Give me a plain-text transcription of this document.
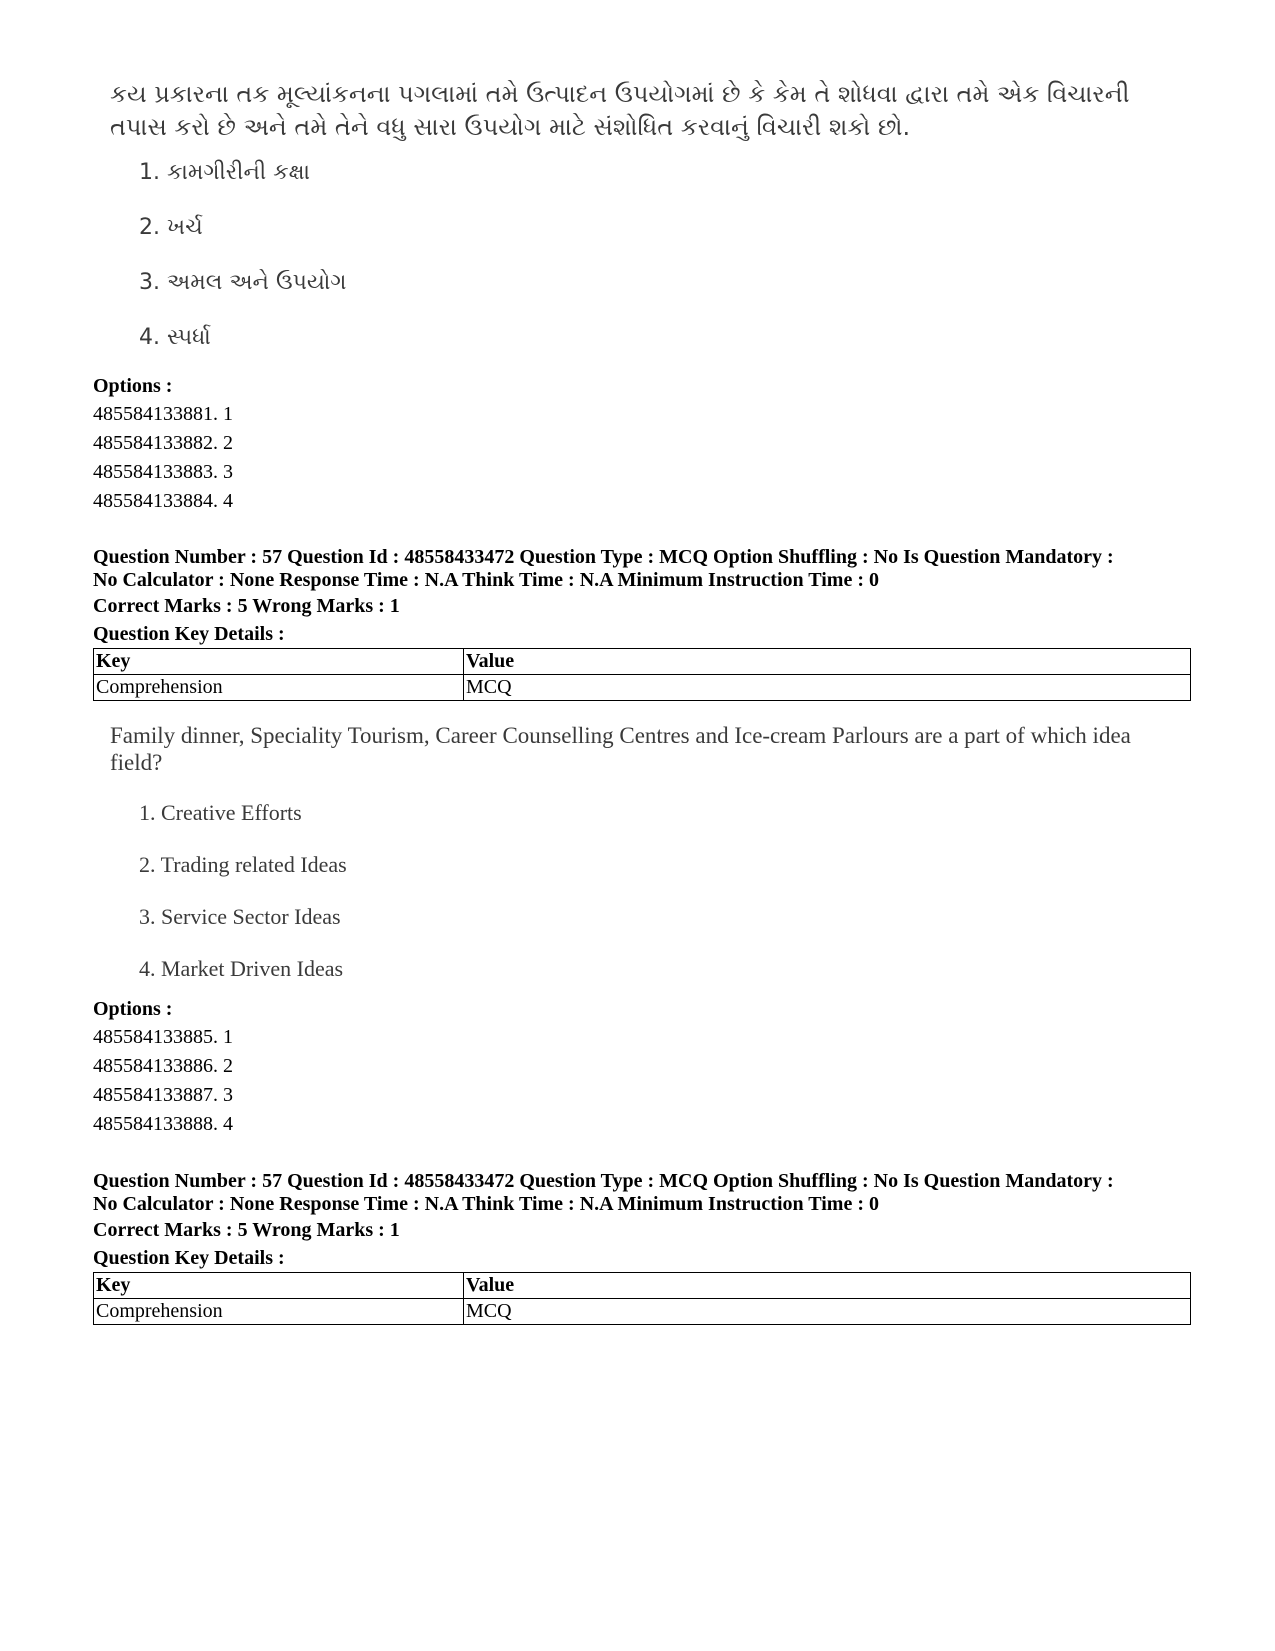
કય પ્રકારના તક મૂલ્યાંકનના પગલામાં તમે ઉત્પાદન ઉપયોગમાં છે કે કેમ તે શોધવા દ્વારા તમે એક વિચારની તપાસ કરો છે અને તમે તેને વધુ સારા ઉપયોગ માટે સંશોધિત કરવાનું વિચારી શકો છો.

1. કામગીરીની કક્ષા
2. ખર્ચ
3. અમલ અને ઉપયોગ
4. સ્પર્ધા
Options :
485584133881. 1
485584133882. 2
485584133883. 3
485584133884. 4
Question Number : 57 Question Id : 48558433472 Question Type : MCQ Option Shuffling : No Is Question Mandatory :
No Calculator : None Response Time : N.A Think Time : N.A Minimum Instruction Time : 0
Correct Marks : 5 Wrong Marks : 1
Question Key Details :
Key	Value
Comprehension	MCQ

Family dinner, Speciality Tourism, Career Counselling Centres and Ice-cream Parlours are a part of which idea field?

1. Creative Efforts
2. Trading related Ideas
3. Service Sector Ideas
4. Market Driven Ideas
Options :
485584133885. 1
485584133886. 2
485584133887. 3
485584133888. 4
Question Number : 57 Question Id : 48558433472 Question Type : MCQ Option Shuffling : No Is Question Mandatory :
No Calculator : None Response Time : N.A Think Time : N.A Minimum Instruction Time : 0
Correct Marks : 5 Wrong Marks : 1
Question Key Details :
Key	Value
Comprehension	MCQ
